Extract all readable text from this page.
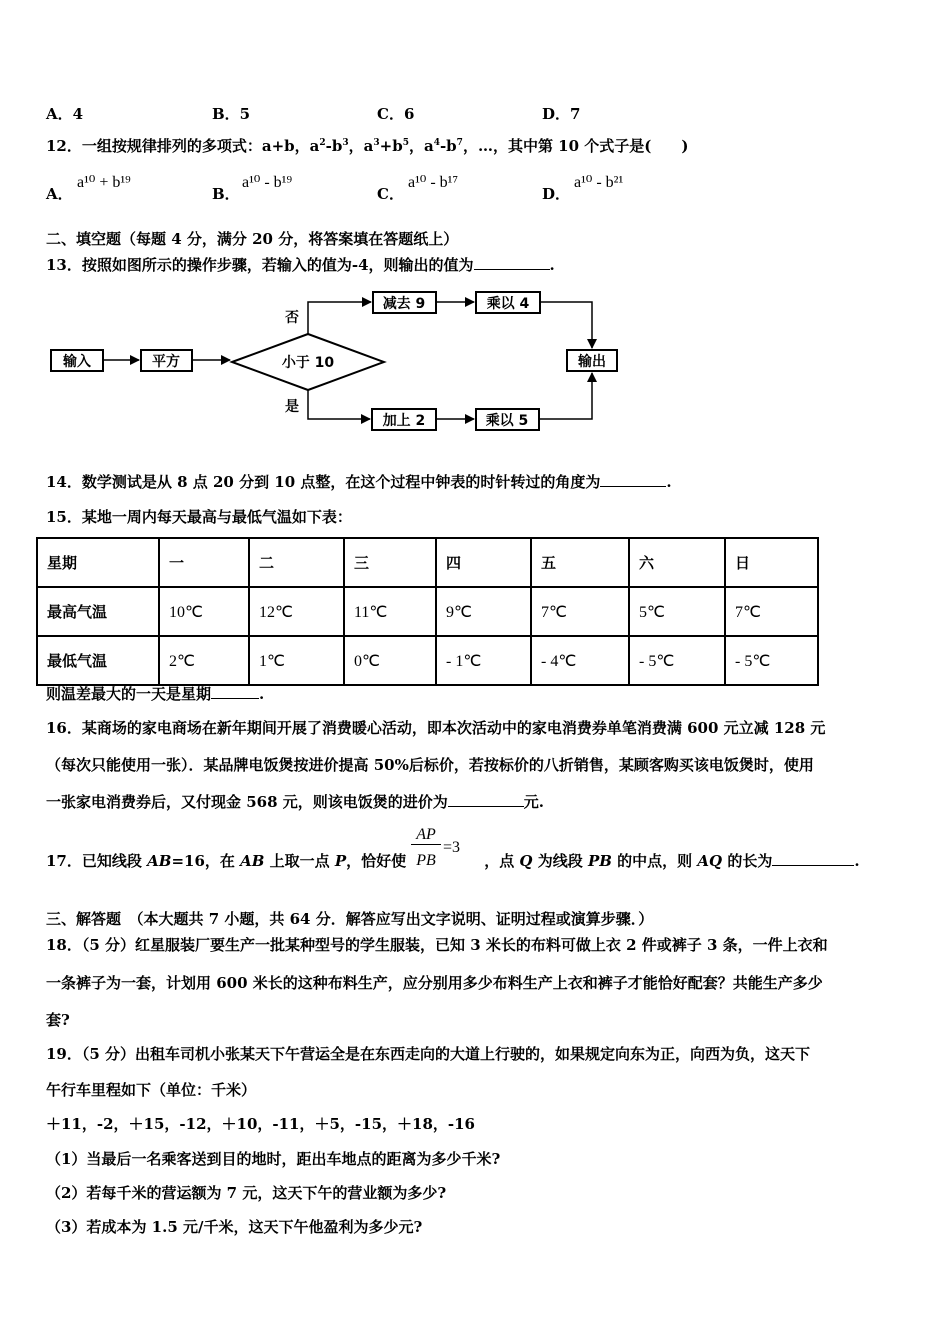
A．4	B．5	C．6	D．7
12．一组按规律排列的多项式：a+b，$a^2-b^3$，$a^3+b^5$，$a^4-b^7$，…，其中第 10 个式子是(　　)
A．
a¹⁰ + b¹⁹
B．
a¹⁰ - b¹⁹
C．
a¹⁰ - b¹⁷
D．
a¹⁰ - b²¹
二、填空题（每题 4 分，满分 20 分，将答案填在答题纸上）
13．按照如图所示的操作步骤，若输入的值为-4，则输出的值为	.
输入	平方	小于 10
减去 9	乘以 4
加上 2	乘以 5
输出
否
是
14．数学测试是从 8 点 20 分到 10 点整，在这个过程中钟表的时针转过的角度为	.
15．某地一周内每天最高与最低气温如下表：
星期	一	二	三	四	五	六	日
最高气温	10℃	12℃	11℃	9℃	7℃	5℃	7℃
最低气温	2℃	1℃	0℃	- 1℃	- 4℃	- 5℃	- 5℃
则温差最大的一天是星期	.
16．某商场的家电商场在新年期间开展了消费暖心活动，即本次活动中的家电消费券单笔消费满 600 元立减 128 元
（每次只能使用一张）．某品牌电饭煲按进价提高 50%后标价，若按标价的八折销售，某顾客购买该电饭煲时，使用
一张家电消费券后，又付现金 568 元，则该电饭煲的进价为	元.
17．已知线段 AB=16，在 AB 上取一点 P，恰好使	，点 Q 为线段 PB 的中点，则 AQ 的长为	.
AP
PB
=3
三、解答题　（本大题共 7 小题，共 64 分．解答应写出文字说明、证明过程或演算步骤．）
18．（5 分）红星服装厂要生产一批某种型号的学生服装，已知 3 米长的布料可做上衣 2 件或裤子 3 条，一件上衣和
一条裤子为一套，计划用 600 米长的这种布料生产，应分别用多少布料生产上衣和裤子才能恰好配套？共能生产多少
套?
19．（5 分）出租车司机小张某天下午营运全是在东西走向的大道上行驶的，如果规定向东为正，向西为负，这天下
午行车里程如下（单位：千米）
＋11，-2，＋15，-12，＋10，-11，＋5，-15，＋18，-16
（1）当最后一名乘客送到目的地时，距出车地点的距离为多少千米?
（2）若每千米的营运额为 7 元，这天下午的营业额为多少?
（3）若成本为 1.5 元/千米，这天下午他盈利为多少元?
